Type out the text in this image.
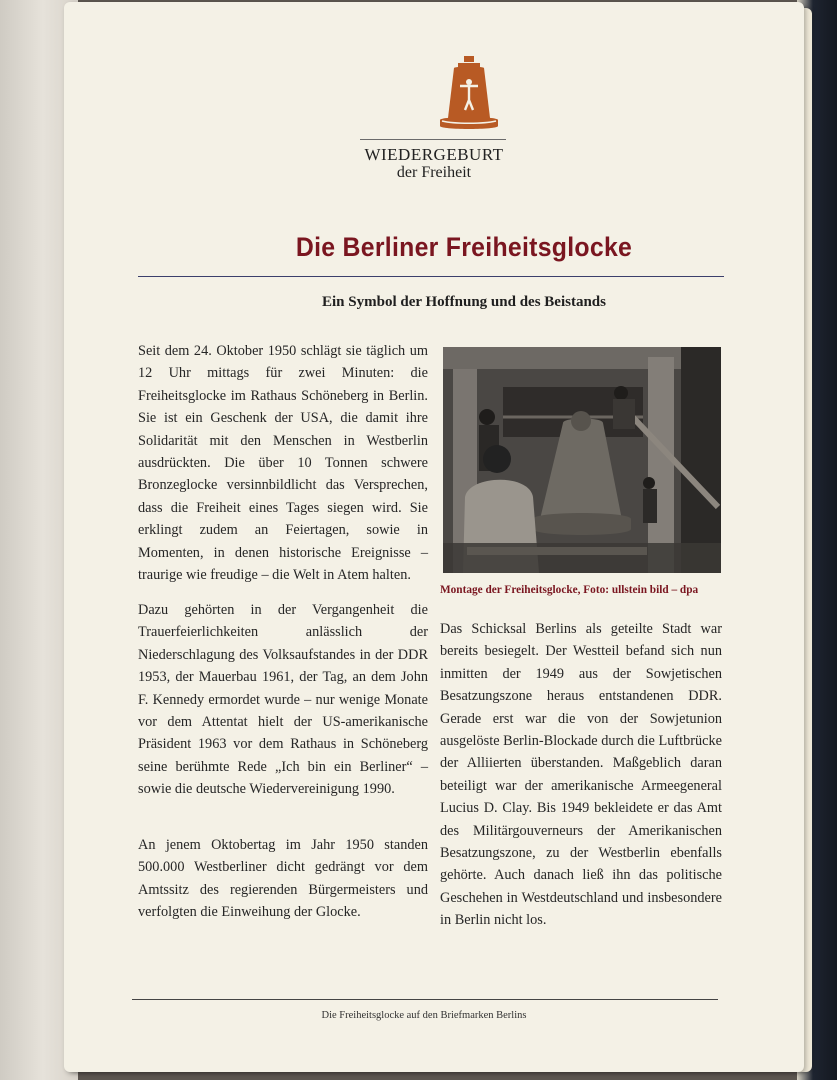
WIEDERGEBURT
der Freiheit
Die Berliner Freiheitsglocke
Ein Symbol der Hoffnung und des Beistands

Seit dem 24. Oktober 1950 schlägt sie täglich um 12 Uhr mittags für zwei Minuten: die Freiheitsglocke im Rathaus Schöneberg in Berlin. Sie ist ein Geschenk der USA, die damit ihre Solidarität mit den Menschen in Westberlin ausdrückten. Die über 10 Tonnen schwere Bronzeglocke versinnbildlicht das Versprechen, dass die Freiheit eines Tages siegen wird. Sie erklingt zudem an Feiertagen, sowie in Momenten, in denen historische Ereignisse – traurige wie freudige – die Welt in Atem halten.

Dazu gehörten in der Vergangenheit die Trauerfeierlichkeiten anlässlich der Niederschlagung des Volksaufstandes in der DDR 1953, der Mauerbau 1961, der Tag, an dem John F. Kennedy ermordet wurde – nur wenige Monate vor dem Attentat hielt der US-amerikanische Präsident 1963 vor dem Rathaus in Schöneberg seine berühmte Rede „Ich bin ein Berliner“ – sowie die deutsche Wiedervereinigung 1990.

An jenem Oktobertag im Jahr 1950 standen 500.000 Westberliner dicht gedrängt vor dem Amtssitz des regierenden Bürgermeisters und verfolgten die Einweihung der Glocke.

Montage der Freiheitsglocke, Foto: ullstein bild – dpa

Das Schicksal Berlins als geteilte Stadt war bereits besiegelt. Der Westteil befand sich nun inmitten der 1949 aus der Sowjetischen Besatzungszone heraus entstandenen DDR. Gerade erst war die von der Sowjetunion ausgelöste Berlin-Blockade durch die Luftbrücke der Alliierten überstanden. Maßgeblich daran beteiligt war der amerikanische Armeegeneral Lucius D. Clay. Bis 1949 bekleidete er das Amt des Militärgouverneurs der Amerikanischen Besatzungszone, zu der Westberlin ebenfalls gehörte. Auch danach ließ ihn das politische Geschehen in Westdeutschland und insbesondere in Berlin nicht los.

Die Freiheitsglocke auf den Briefmarken Berlins
